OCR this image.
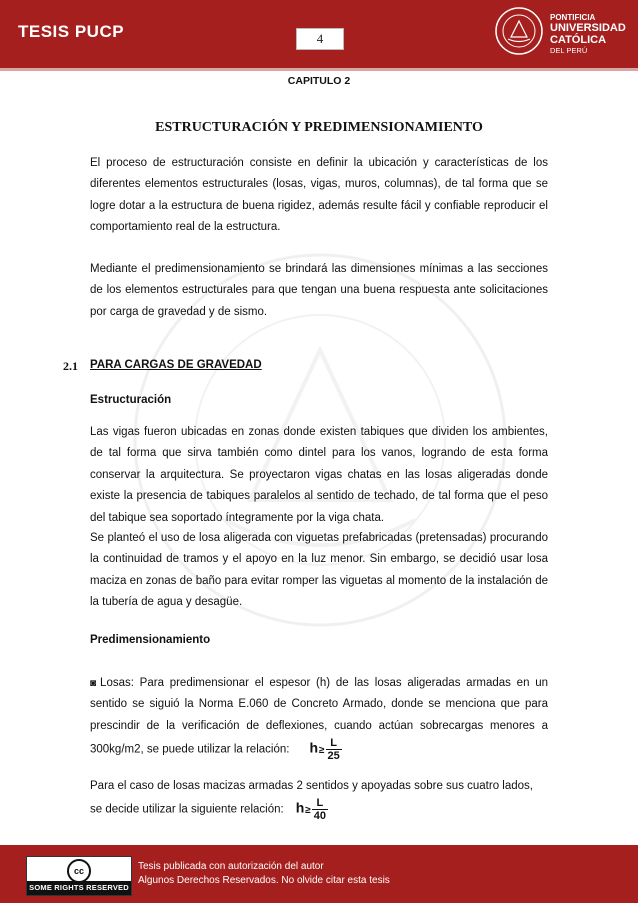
TESIS PUCP	4
PONTIFICIA
UNIVERSIDAD
CATÓLICA
DEL PERÚ
CAPITULO 2
ESTRUCTURACIÓN Y PREDIMENSIONAMIENTO

El proceso de estructuración consiste en definir la ubicación y características de los diferentes elementos estructurales (losas, vigas, muros, columnas), de tal forma que se logre dotar a la estructura de buena rigidez, además resulte fácil y confiable reproducir el comportamiento real de la estructura.

Mediante el predimensionamiento se brindará las dimensiones mínimas a las secciones de los elementos estructurales para que tengan una buena respuesta ante solicitaciones por carga de gravedad y de sismo.

2.1 PARA CARGAS DE GRAVEDAD
Estructuración

Las vigas fueron ubicadas en zonas donde existen tabiques que dividen los ambientes, de tal forma que sirva también como dintel para los vanos, logrando de esta forma conservar la arquitectura. Se proyectaron vigas chatas en las losas aligeradas donde existe la presencia de tabiques paralelos al sentido de techado, de tal forma que el peso del tabique sea soportado íntegramente por la viga chata.

Se planteó el uso de losa aligerada con viguetas prefabricadas (pretensadas) procurando la continuidad de tramos y el apoyo en la luz menor. Sin embargo, se decidió usar losa maciza en zonas de baño para evitar romper las viguetas al momento de la instalación de la tubería de agua y desagüe.

Predimensionamiento

◙ Losas: Para predimensionar el espesor (h) de las losas aligeradas armadas en un sentido se siguió la Norma E.060 de Concreto Armado, donde se menciona que para prescindir de la verificación de deflexiones, cuando actúan sobrecargas menores a 300kg/m2, se puede utilizar la relación: $h\ge \frac{L}{25}$

Para el caso de losas macizas armadas 2 sentidos y apoyadas sobre sus cuatro lados, se decide utilizar la siguiente relación: $h\ge \frac{L}{40}$

cc
SOME RIGHTS RESERVED
Tesis publicada con autorización del autor
Algunos Derechos Reservados. No olvide citar esta tesis
